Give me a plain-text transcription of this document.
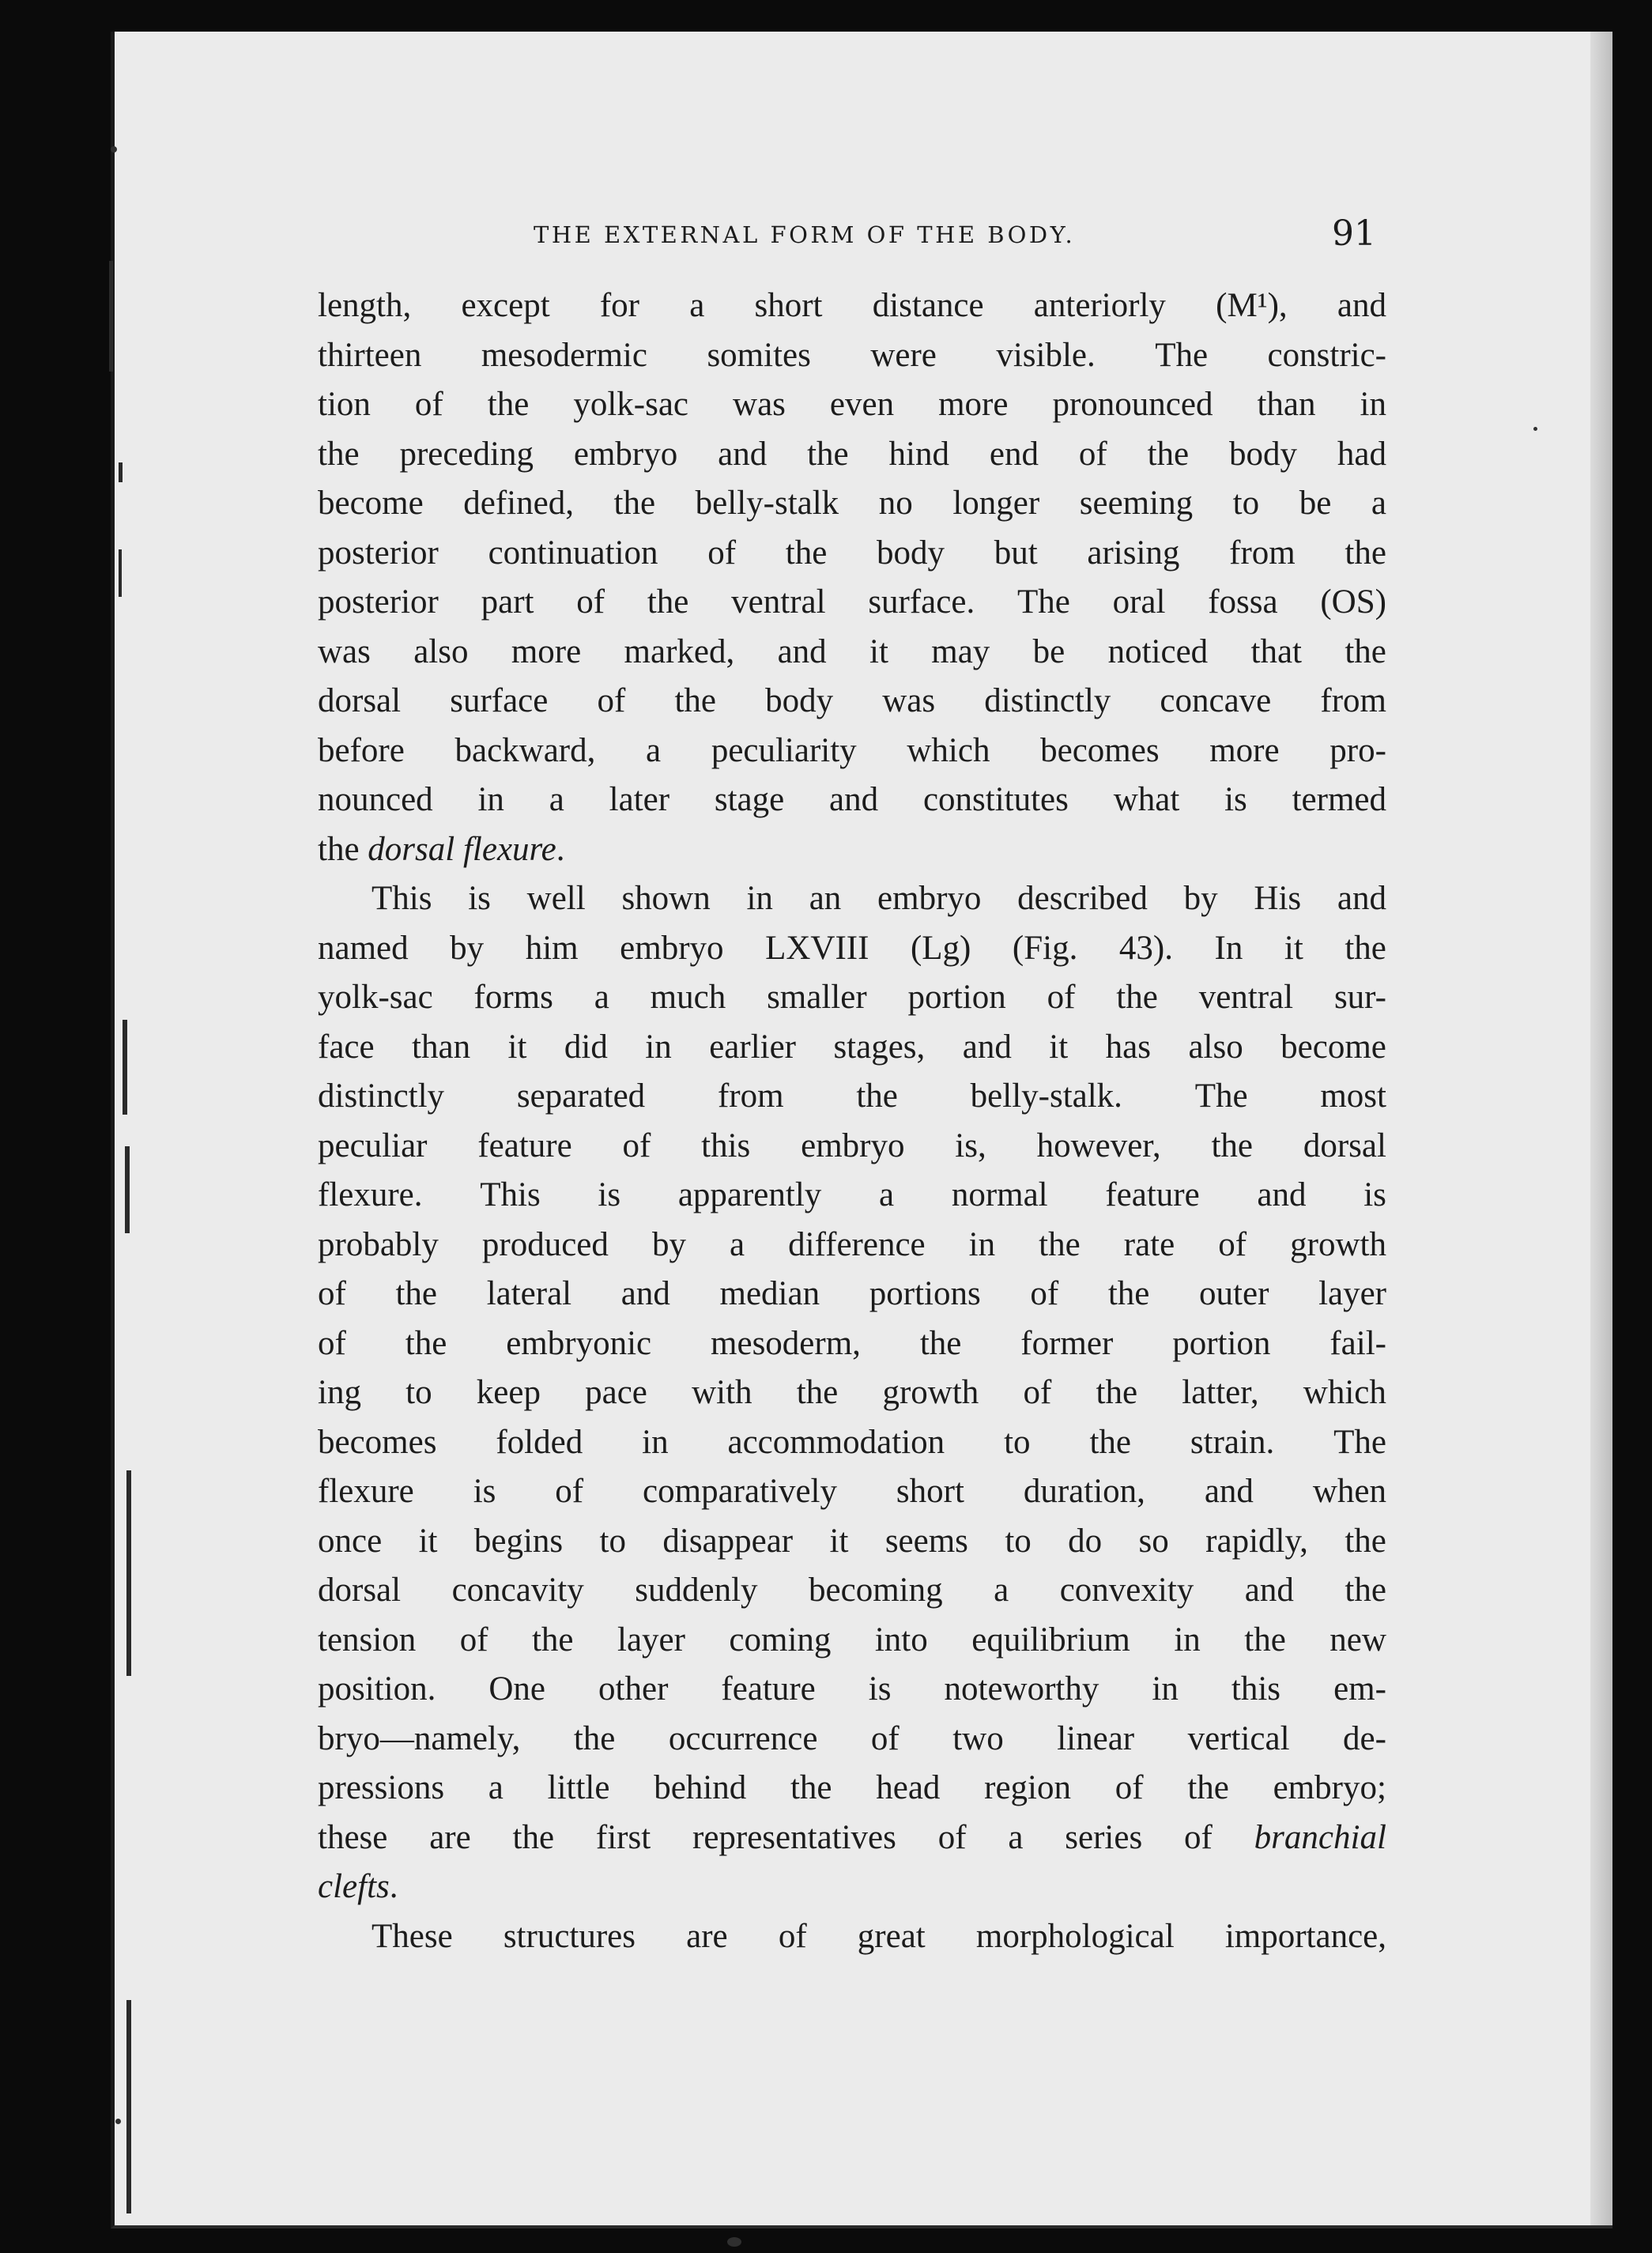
THE EXTERNAL FORM OF THE BODY.	91
length, except for a short distance anteriorly (M¹), and
thirteen mesodermic somites were visible. The constric-
tion of the yolk-sac was even more pronounced than in
the preceding embryo and the hind end of the body had
become defined, the belly-stalk no longer seeming to be a
posterior continuation of the body but arising from the
posterior part of the ventral surface. The oral fossa (OS)
was also more marked, and it may be noticed that the
dorsal surface of the body was distinctly concave from
before backward, a peculiarity which becomes more pro-
nounced in a later stage and constitutes what is termed
the dorsal flexure.
This is well shown in an embryo described by His and
named by him embryo LXVIII (Lg) (Fig. 43). In it the
yolk-sac forms a much smaller portion of the ventral sur-
face than it did in earlier stages, and it has also become
distinctly separated from the belly-stalk. The most
peculiar feature of this embryo is, however, the dorsal
flexure. This is apparently a normal feature and is
probably produced by a difference in the rate of growth
of the lateral and median portions of the outer layer
of the embryonic mesoderm, the former portion fail-
ing to keep pace with the growth of the latter, which
becomes folded in accommodation to the strain. The
flexure is of comparatively short duration, and when
once it begins to disappear it seems to do so rapidly, the
dorsal concavity suddenly becoming a convexity and the
tension of the layer coming into equilibrium in the new
position. One other feature is noteworthy in this em-
bryo—namely, the occurrence of two linear vertical de-
pressions a little behind the head region of the embryo;
these are the first representatives of a series of branchial
clefts.
These structures are of great morphological importance,
